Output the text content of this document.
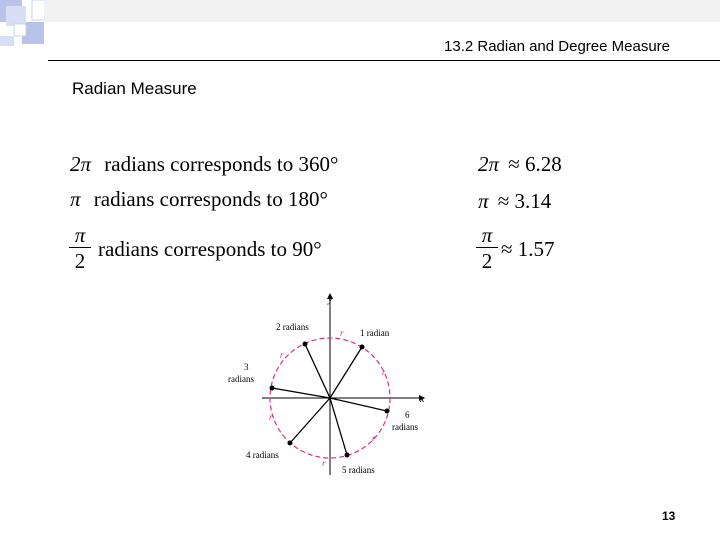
13.2 Radian and Degree Measure
Radian Measure
2π radians corresponds to 360°
π radians corresponds to 180°
π
2 radians corresponds to 90°
2π ≈ 6.28
π ≈ 3.14
π
2 ≈ 1.57
y
x
r
r
r
r
r
r
1 radian
2 radians
3
radians
4 radians
5 radians
6
radians
13
